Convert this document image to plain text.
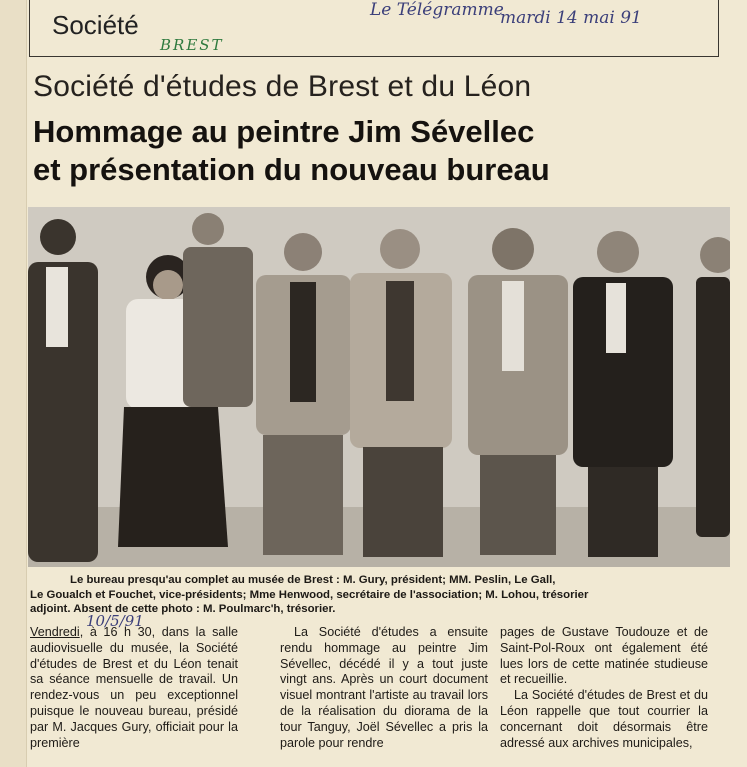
Société	Le Télégramme
mardi 14 mai 91
BREST
Société d'études de Brest et du Léon
Hommage au peintre Jim Sévellec
et présentation du nouveau bureau
Le bureau presqu'au complet au musée de Brest : M. Gury, président; MM. Peslin, Le Gall,
Le Goualch et Fouchet, vice-présidents; Mme Henwood, secrétaire de l'association; M. Lohou, trésorier
adjoint. Absent de cette photo : M. Poulmarc'h, trésorier.
10/5/91

Vendredi, à 16 h 30, dans la salle audiovisuelle du musée, la Société d'études de Brest et du Léon tenait sa séance mensuelle de travail. Un rendez-vous un peu exceptionnel puisque le nouveau bureau, présidé par M. Jacques Gury, officiait pour la première

La Société d'études a ensuite rendu hommage au peintre Jim Sévellec, décédé il y a tout juste vingt ans. Après un court document visuel montrant l'artiste au travail lors de la réalisation du diorama de la tour Tanguy, Joël Sévellec a pris la parole pour rendre

pages de Gustave Toudouze et de Saint-Pol-Roux ont également été lues lors de cette matinée studieuse et recueillie.

La Société d'études de Brest et du Léon rappelle que tout courrier la concernant doit désormais être adressé aux archives municipales,
